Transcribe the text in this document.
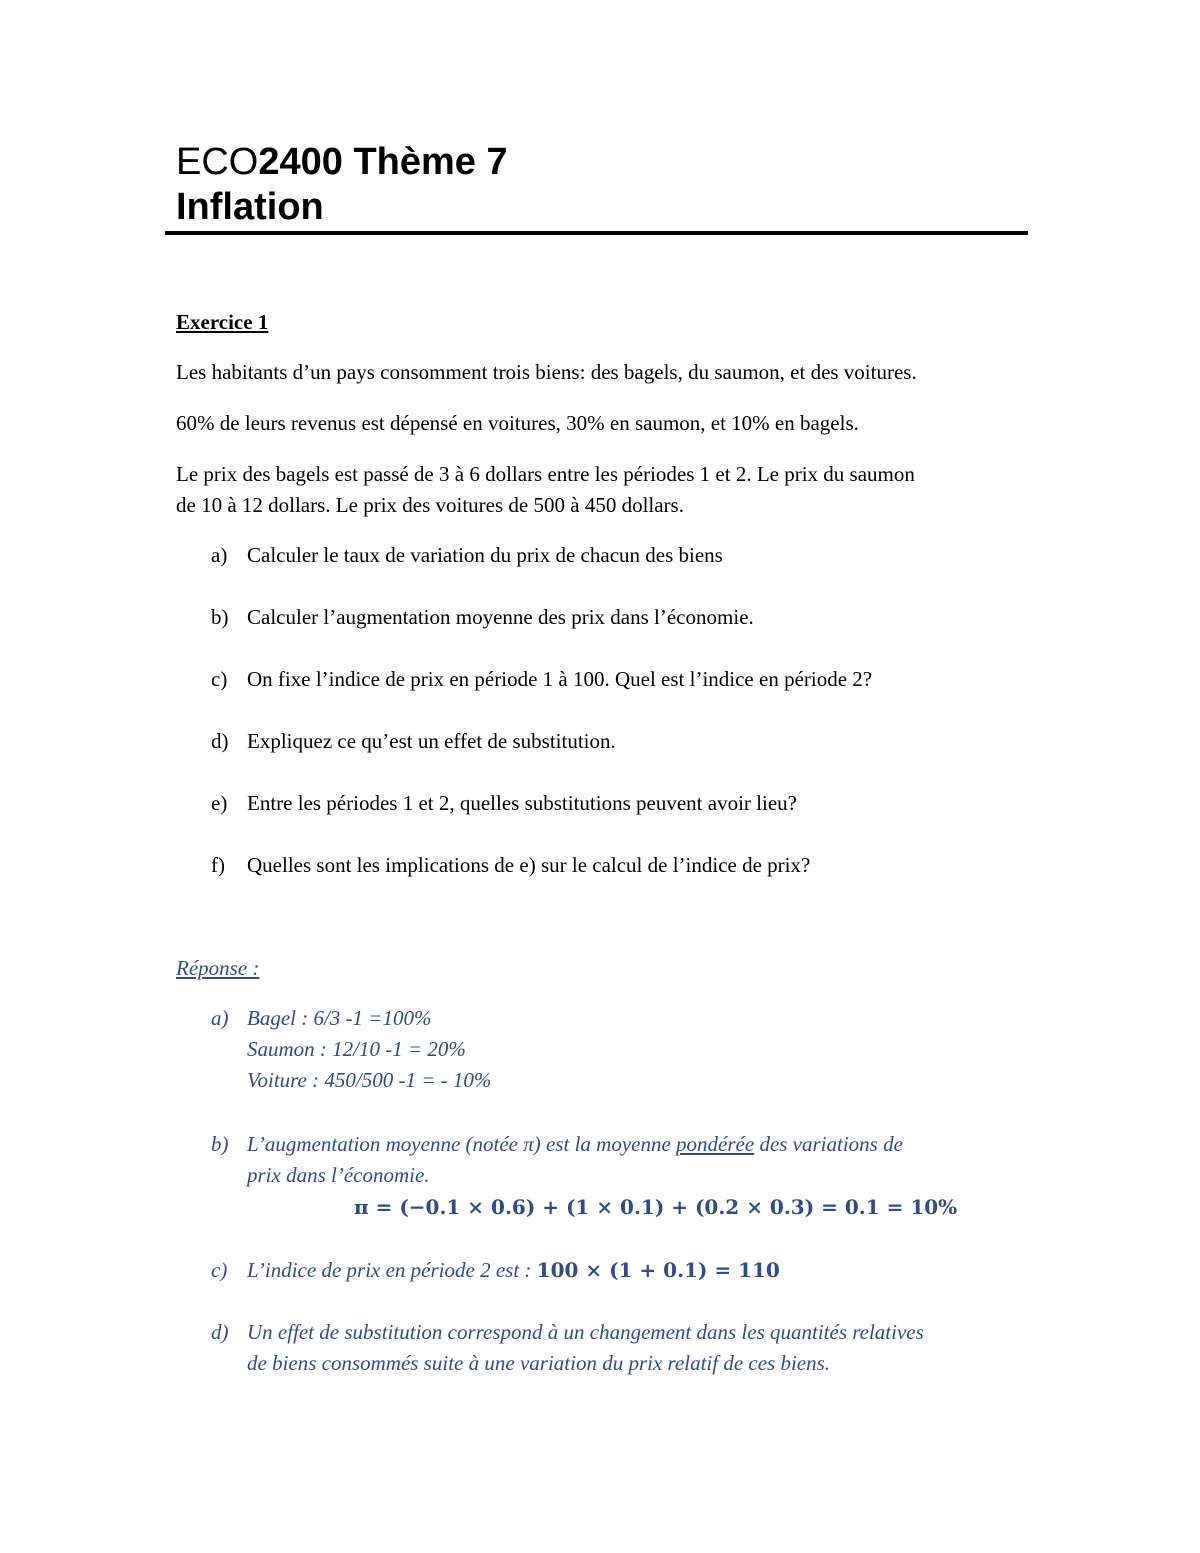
ECO2400 Thème 7
Inflation
Exercice 1
Les habitants d’un pays consomment trois biens: des bagels, du saumon, et des voitures.
60% de leurs revenus est dépensé en voitures, 30% en saumon, et 10% en bagels.
Le prix des bagels est passé de 3 à 6 dollars entre les périodes 1 et 2. Le prix du saumon
de 10 à 12 dollars. Le prix des voitures de 500 à 450 dollars.
a) Calculer le taux de variation du prix de chacun des biens
b) Calculer l’augmentation moyenne des prix dans l’économie.
c) On fixe l’indice de prix en période 1 à 100. Quel est l’indice en période 2?
d) Expliquez ce qu’est un effet de substitution.
e) Entre les périodes 1 et 2, quelles substitutions peuvent avoir lieu?
f) Quelles sont les implications de e) sur le calcul de l’indice de prix?
Réponse :
a) Bagel : 6/3 -1 =100%
Saumon : 12/10 -1 = 20%
Voiture : 450/500 -1 = - 10%
b) L’augmentation moyenne (notée π) est la moyenne pondérée des variations de
prix dans l’économie.
π = (−0.1 × 0.6) + (1 × 0.1) + (0.2 × 0.3) = 0.1 = 10%
c) L’indice de prix en période 2 est : 100 × (1 + 0.1) = 110
d) Un effet de substitution correspond à un changement dans les quantités relatives
de biens consommés suite à une variation du prix relatif de ces biens.
